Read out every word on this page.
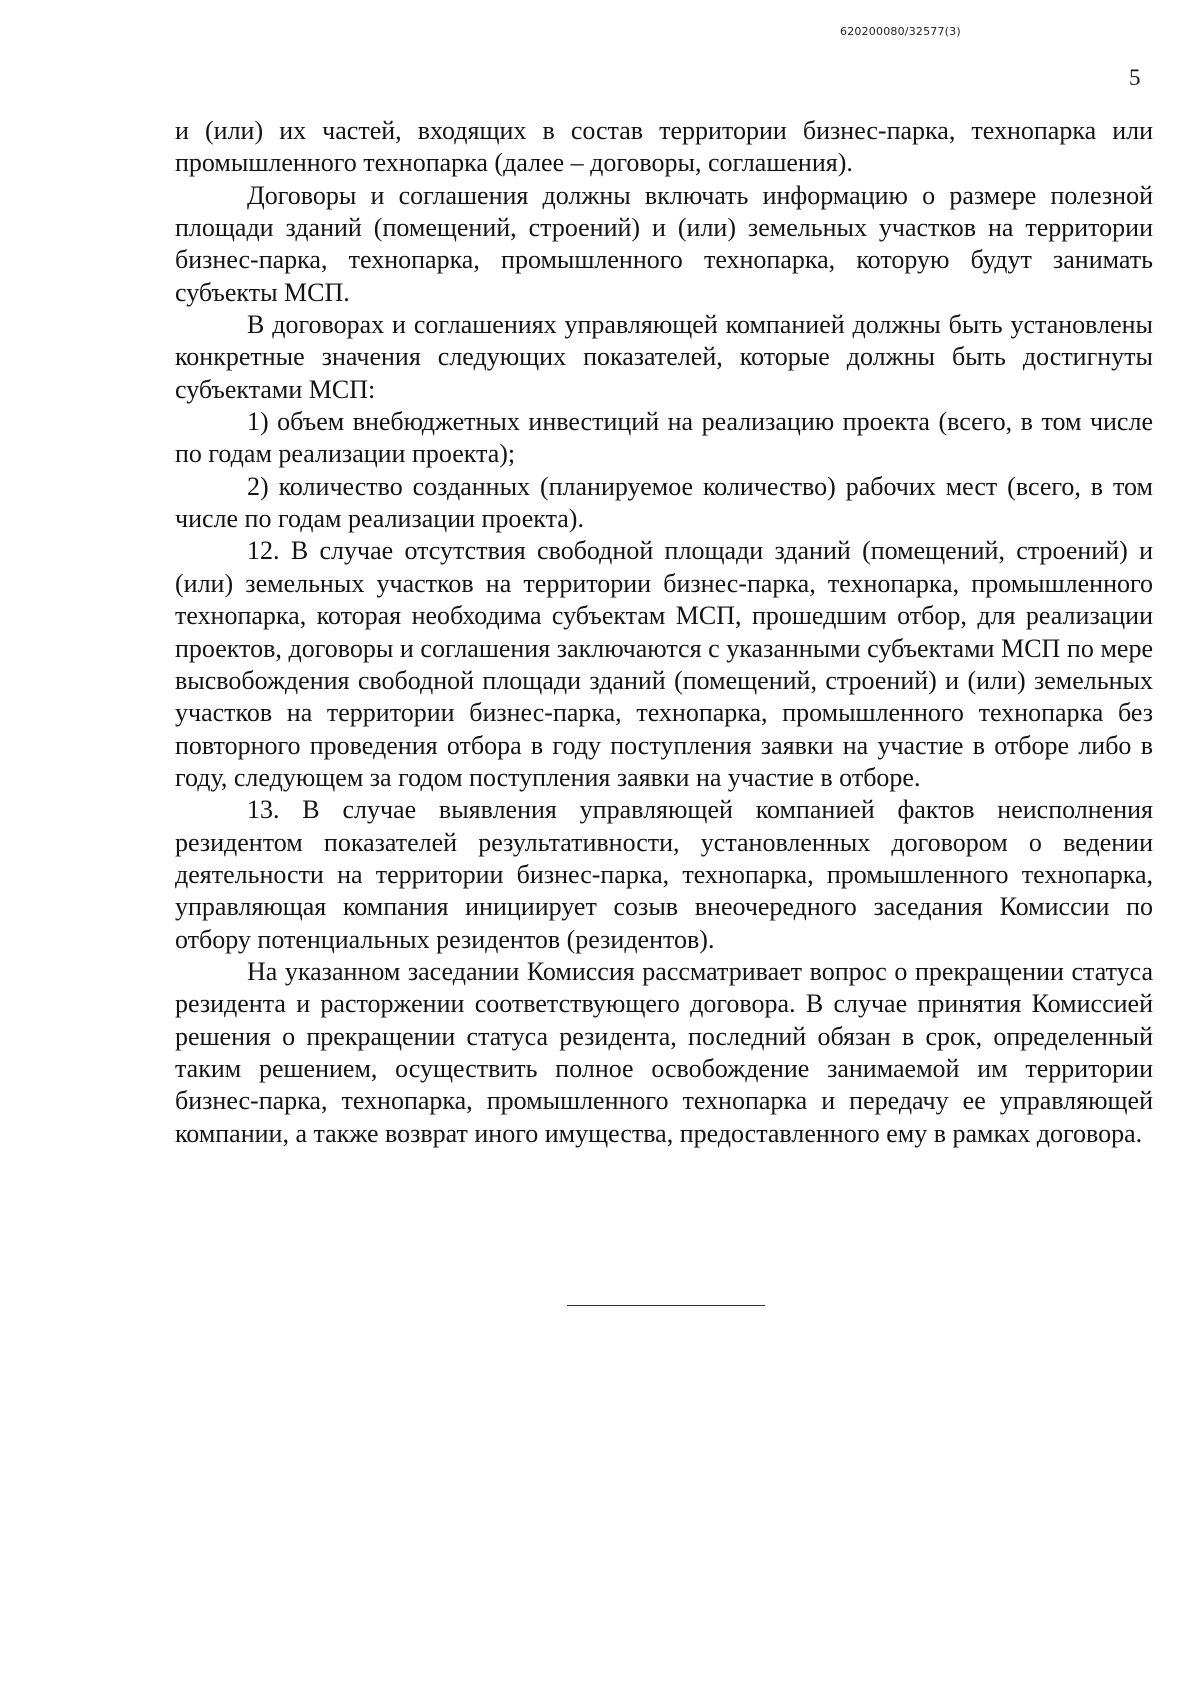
620200080/32577(3)
5

и (или) их частей, входящих в состав территории бизнес-парка, технопарка или промышленного технопарка (далее – договоры, соглашения).

Договоры и соглашения должны включать информацию о размере полезной площади зданий (помещений, строений) и (или) земельных участков на территории бизнес-парка, технопарка, промышленного технопарка, которую будут занимать субъекты МСП.

В договорах и соглашениях управляющей компанией должны быть установлены конкретные значения следующих показателей, которые должны быть достигнуты субъектами МСП:

1) объем внебюджетных инвестиций на реализацию проекта (всего, в том числе по годам реализации проекта);

2) количество созданных (планируемое количество) рабочих мест (всего, в том числе по годам реализации проекта).

12. В случае отсутствия свободной площади зданий (помещений, строений) и (или) земельных участков на территории бизнес-парка, технопарка, промышленного технопарка, которая необходима субъектам МСП, прошедшим отбор, для реализации проектов, договоры и соглашения заключаются с указанными субъектами МСП по мере высвобождения свободной площади зданий (помещений, строений) и (или) земельных участков на территории бизнес-парка, технопарка, промышленного технопарка без повторного проведения отбора в году поступления заявки на участие в отборе либо в году, следующем за годом поступления заявки на участие в отборе.

13. В случае выявления управляющей компанией фактов неисполнения резидентом показателей результативности, установленных договором о ведении деятельности на территории бизнес-парка, технопарка, промышленного технопарка, управляющая компания инициирует созыв внеочередного заседания Комиссии по отбору потенциальных резидентов (резидентов).

На указанном заседании Комиссия рассматривает вопрос о прекращении статуса резидента и расторжении соответствующего договора. В случае принятия Комиссией решения о прекращении статуса резидента, последний обязан в срок, определенный таким решением, осуществить полное освобождение занимаемой им территории бизнес-парка, технопарка, промышленного технопарка и передачу ее управляющей компании, а также возврат иного имущества, предоставленного ему в рамках договора.
